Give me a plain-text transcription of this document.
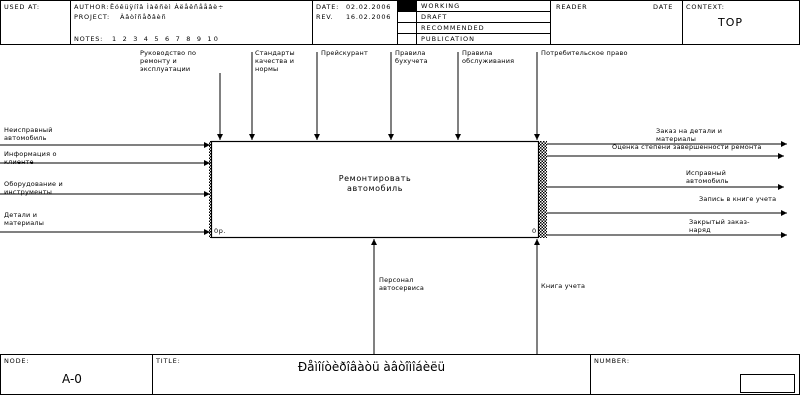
USED AT:	AUTHOR: Ëóêüÿíîâ Ìàêñèì Àëåêñååâè÷
PROJECT: Àâòîñåðâèñ
NOTES: 1 2 3 4 5 6 7 8 9 10
DATE: 02.02.2006
REV. 16.02.2006
WORKING
DRAFT
RECOMMENDED
PUBLICATION
READER	DATE CONTEXT:
TOP
Ремонтировать
автомобиль
0р.	0
Руководство по ремонту и эксплуатации
Стандарты качества и нормы
Прейскурант	Правила бухучета
Правила обслуживания
Потребительское право
Неисправный автомобиль
Информация о клиенте
Оборудование и инструменты
Детали и материалы
Заказ на детали и материалы
Оценка степени завершенности ремонта
Исправный автомобиль
Запись в книге учета
Закрытый заказ-наряд
Персонал автосервиса	Книга учета
NODE:
A-0
TITLE:	Ðåìîíòèðîâàòü àâòîìîáèëü	NUMBER:
